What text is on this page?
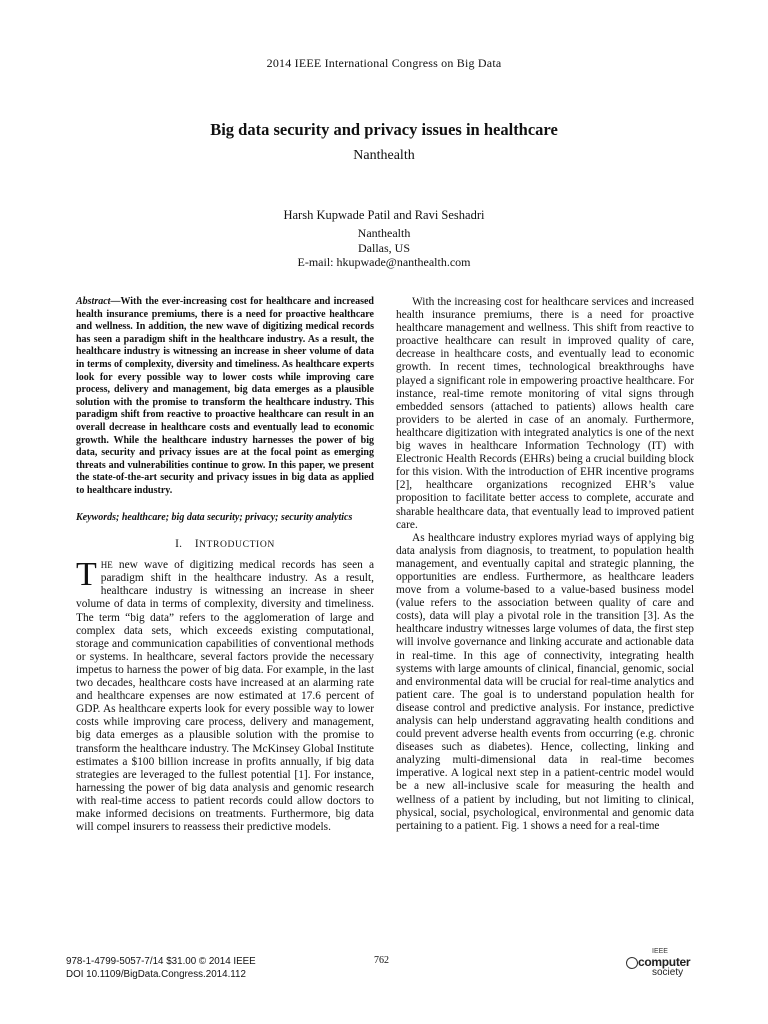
2014 IEEE International Congress on Big Data
Big data security and privacy issues in healthcare
Nanthealth
Harsh Kupwade Patil and Ravi Seshadri
Nanthealth
Dallas, US
E-mail: hkupwade@nanthealth.com
Abstract—With the ever-increasing cost for healthcare and increased health insurance premiums, there is a need for proactive healthcare and wellness. In addition, the new wave of digitizing medical records has seen a paradigm shift in the healthcare industry. As a result, the healthcare industry is witnessing an increase in sheer volume of data in terms of complexity, diversity and timeliness. As healthcare experts look for every possible way to lower costs while improving care process, delivery and management, big data emerges as a plausible solution with the promise to transform the healthcare industry. This paradigm shift from reactive to proactive healthcare can result in an overall decrease in healthcare costs and eventually lead to economic growth. While the healthcare industry harnesses the power of big data, security and privacy issues are at the focal point as emerging threats and vulnerabilities continue to grow. In this paper, we present the state-of-the-art security and privacy issues in big data as applied to healthcare industry.
Keywords; healthcare; big data security; privacy; security analytics
I. INTRODUCTION

THE new wave of digitizing medical records has seen a paradigm shift in the healthcare industry. As a result, healthcare industry is witnessing an increase in sheer volume of data in terms of complexity, diversity and timeliness. The term “big data” refers to the agglomeration of large and complex data sets, which exceeds existing computational, storage and communication capabilities of conventional methods or systems. In healthcare, several factors provide the necessary impetus to harness the power of big data. For example, in the last two decades, healthcare costs have increased at an alarming rate and healthcare expenses are now estimated at 17.6 percent of GDP. As healthcare experts look for every possible way to lower costs while improving care process, delivery and management, big data emerges as a plausible solution with the promise to transform the healthcare industry. The McKinsey Global Institute estimates a $100 billion increase in profits annually, if big data strategies are leveraged to the fullest potential [1]. For instance, harnessing the power of big data analysis and genomic research with real-time access to patient records could allow doctors to make informed decisions on treatments. Furthermore, big data will compel insurers to reassess their predictive models.

With the increasing cost for healthcare services and increased health insurance premiums, there is a need for proactive healthcare management and wellness. This shift from reactive to proactive healthcare can result in improved quality of care, decrease in healthcare costs, and eventually lead to economic growth. In recent times, technological breakthroughs have played a significant role in empowering proactive healthcare. For instance, real-time remote monitoring of vital signs through embedded sensors (attached to patients) allows health care providers to be alerted in case of an anomaly. Furthermore, healthcare digitization with integrated analytics is one of the next big waves in healthcare Information Technology (IT) with Electronic Health Records (EHRs) being a crucial building block for this vision. With the introduction of EHR incentive programs [2], healthcare organizations recognized EHR’s value proposition to facilitate better access to complete, accurate and sharable healthcare data, that eventually lead to improved patient care.

As healthcare industry explores myriad ways of applying big data analysis from diagnosis, to treatment, to population health management, and eventually capital and strategic planning, the opportunities are endless. Furthermore, as healthcare leaders move from a volume-based to a value-based business model (value refers to the association between quality of care and costs), data will play a pivotal role in the transition [3]. As the healthcare industry witnesses large volumes of data, the first step will involve governance and linking accurate and actionable data in real-time. In this age of connectivity, integrating health systems with large amounts of clinical, financial, genomic, social and environmental data will be crucial for real-time analytics and patient care. The goal is to understand population health for disease control and predictive analysis. For instance, predictive analysis can help understand aggravating health conditions and could prevent adverse health events from occurring (e.g. chronic diseases such as diabetes). Hence, collecting, linking and analyzing multi-dimensional data in real-time becomes imperative. A logical next step in a patient-centric model would be a new all-inclusive scale for measuring the health and wellness of a patient by including, but not limiting to clinical, physical, social, psychological, environmental and genomic data pertaining to a patient. Fig. 1 shows a need for a real-time

978-1-4799-5057-7/14 $31.00 © 2014 IEEE
DOI 10.1109/BigData.Congress.2014.112
762
IEEE
computer
society
